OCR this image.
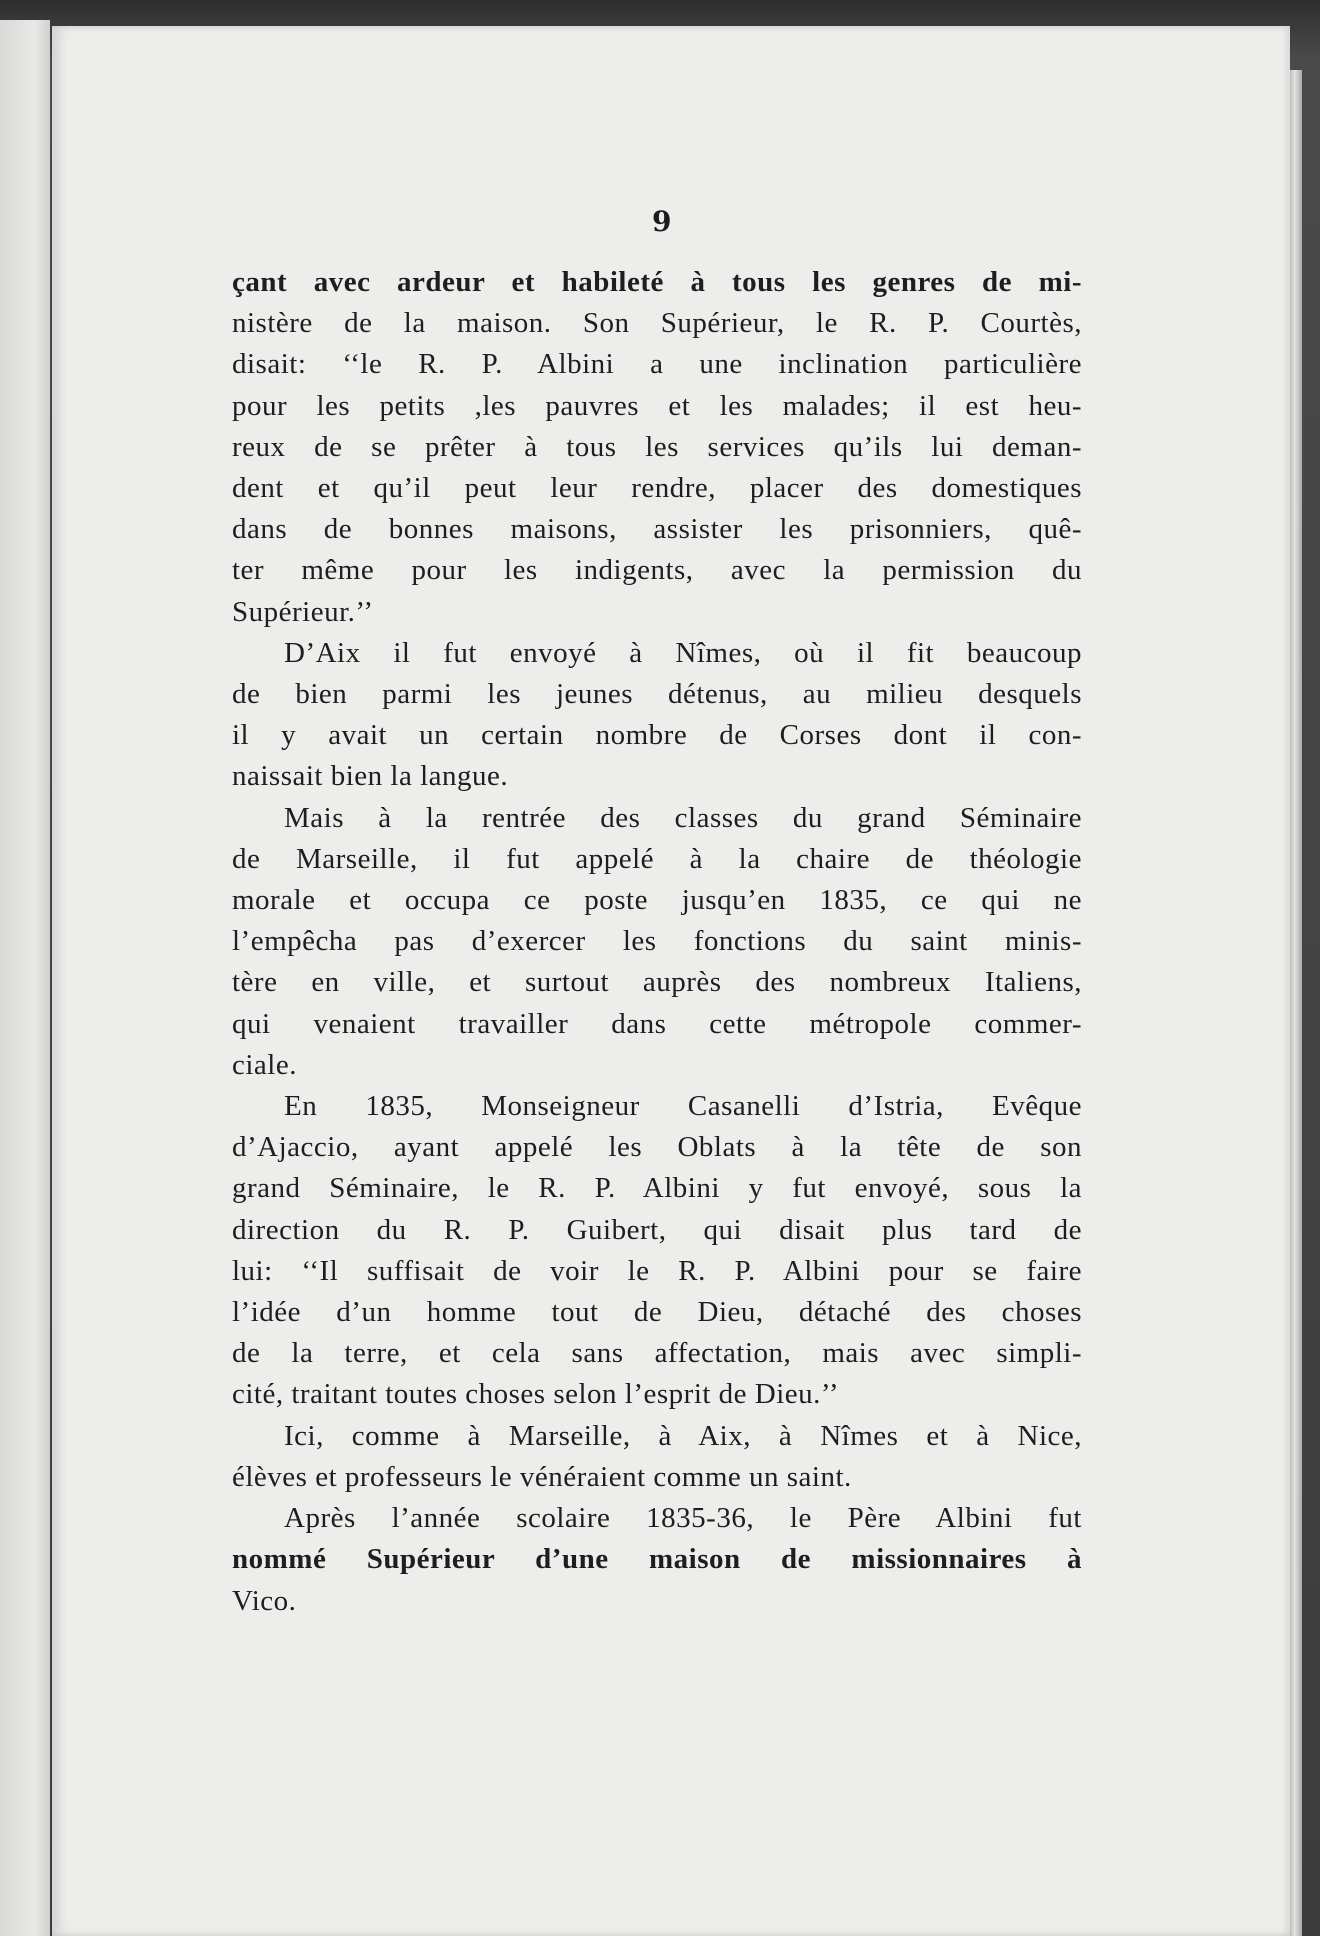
9
çant avec ardeur et habileté à tous les genres de mi-
nistère de la maison. Son Supérieur, le R. P. Courtès,
disait: ‘‘le R. P. Albini a une inclination particulière
pour les petits ,les pauvres et les malades; il est heu-
reux de se prêter à tous les services qu’ils lui deman-
dent et qu’il peut leur rendre, placer des domestiques
dans de bonnes maisons, assister les prisonniers, quê-
ter même pour les indigents, avec la permission du
Supérieur.’’
D’Aix il fut envoyé à Nîmes, où il fit beaucoup
de bien parmi les jeunes détenus, au milieu desquels
il y avait un certain nombre de Corses dont il con-
naissait bien la langue.
Mais à la rentrée des classes du grand Séminaire
de Marseille, il fut appelé à la chaire de théologie
morale et occupa ce poste jusqu’en 1835, ce qui ne
l’empêcha pas d’exercer les fonctions du saint minis-
tère en ville, et surtout auprès des nombreux Italiens,
qui venaient travailler dans cette métropole commer-
ciale.
En 1835, Monseigneur Casanelli d’Istria, Evêque
d’Ajaccio, ayant appelé les Oblats à la tête de son
grand Séminaire, le R. P. Albini y fut envoyé, sous la
direction du R. P. Guibert, qui disait plus tard de
lui: ‘‘Il suffisait de voir le R. P. Albini pour se faire
l’idée d’un homme tout de Dieu, détaché des choses
de la terre, et cela sans affectation, mais avec simpli-
cité, traitant toutes choses selon l’esprit de Dieu.’’
Ici, comme à Marseille, à Aix, à Nîmes et à Nice,
élèves et professeurs le vénéraient comme un saint.
Après l’année scolaire 1835-36, le Père Albini fut
nommé Supérieur d’une maison de missionnaires à
Vico.
